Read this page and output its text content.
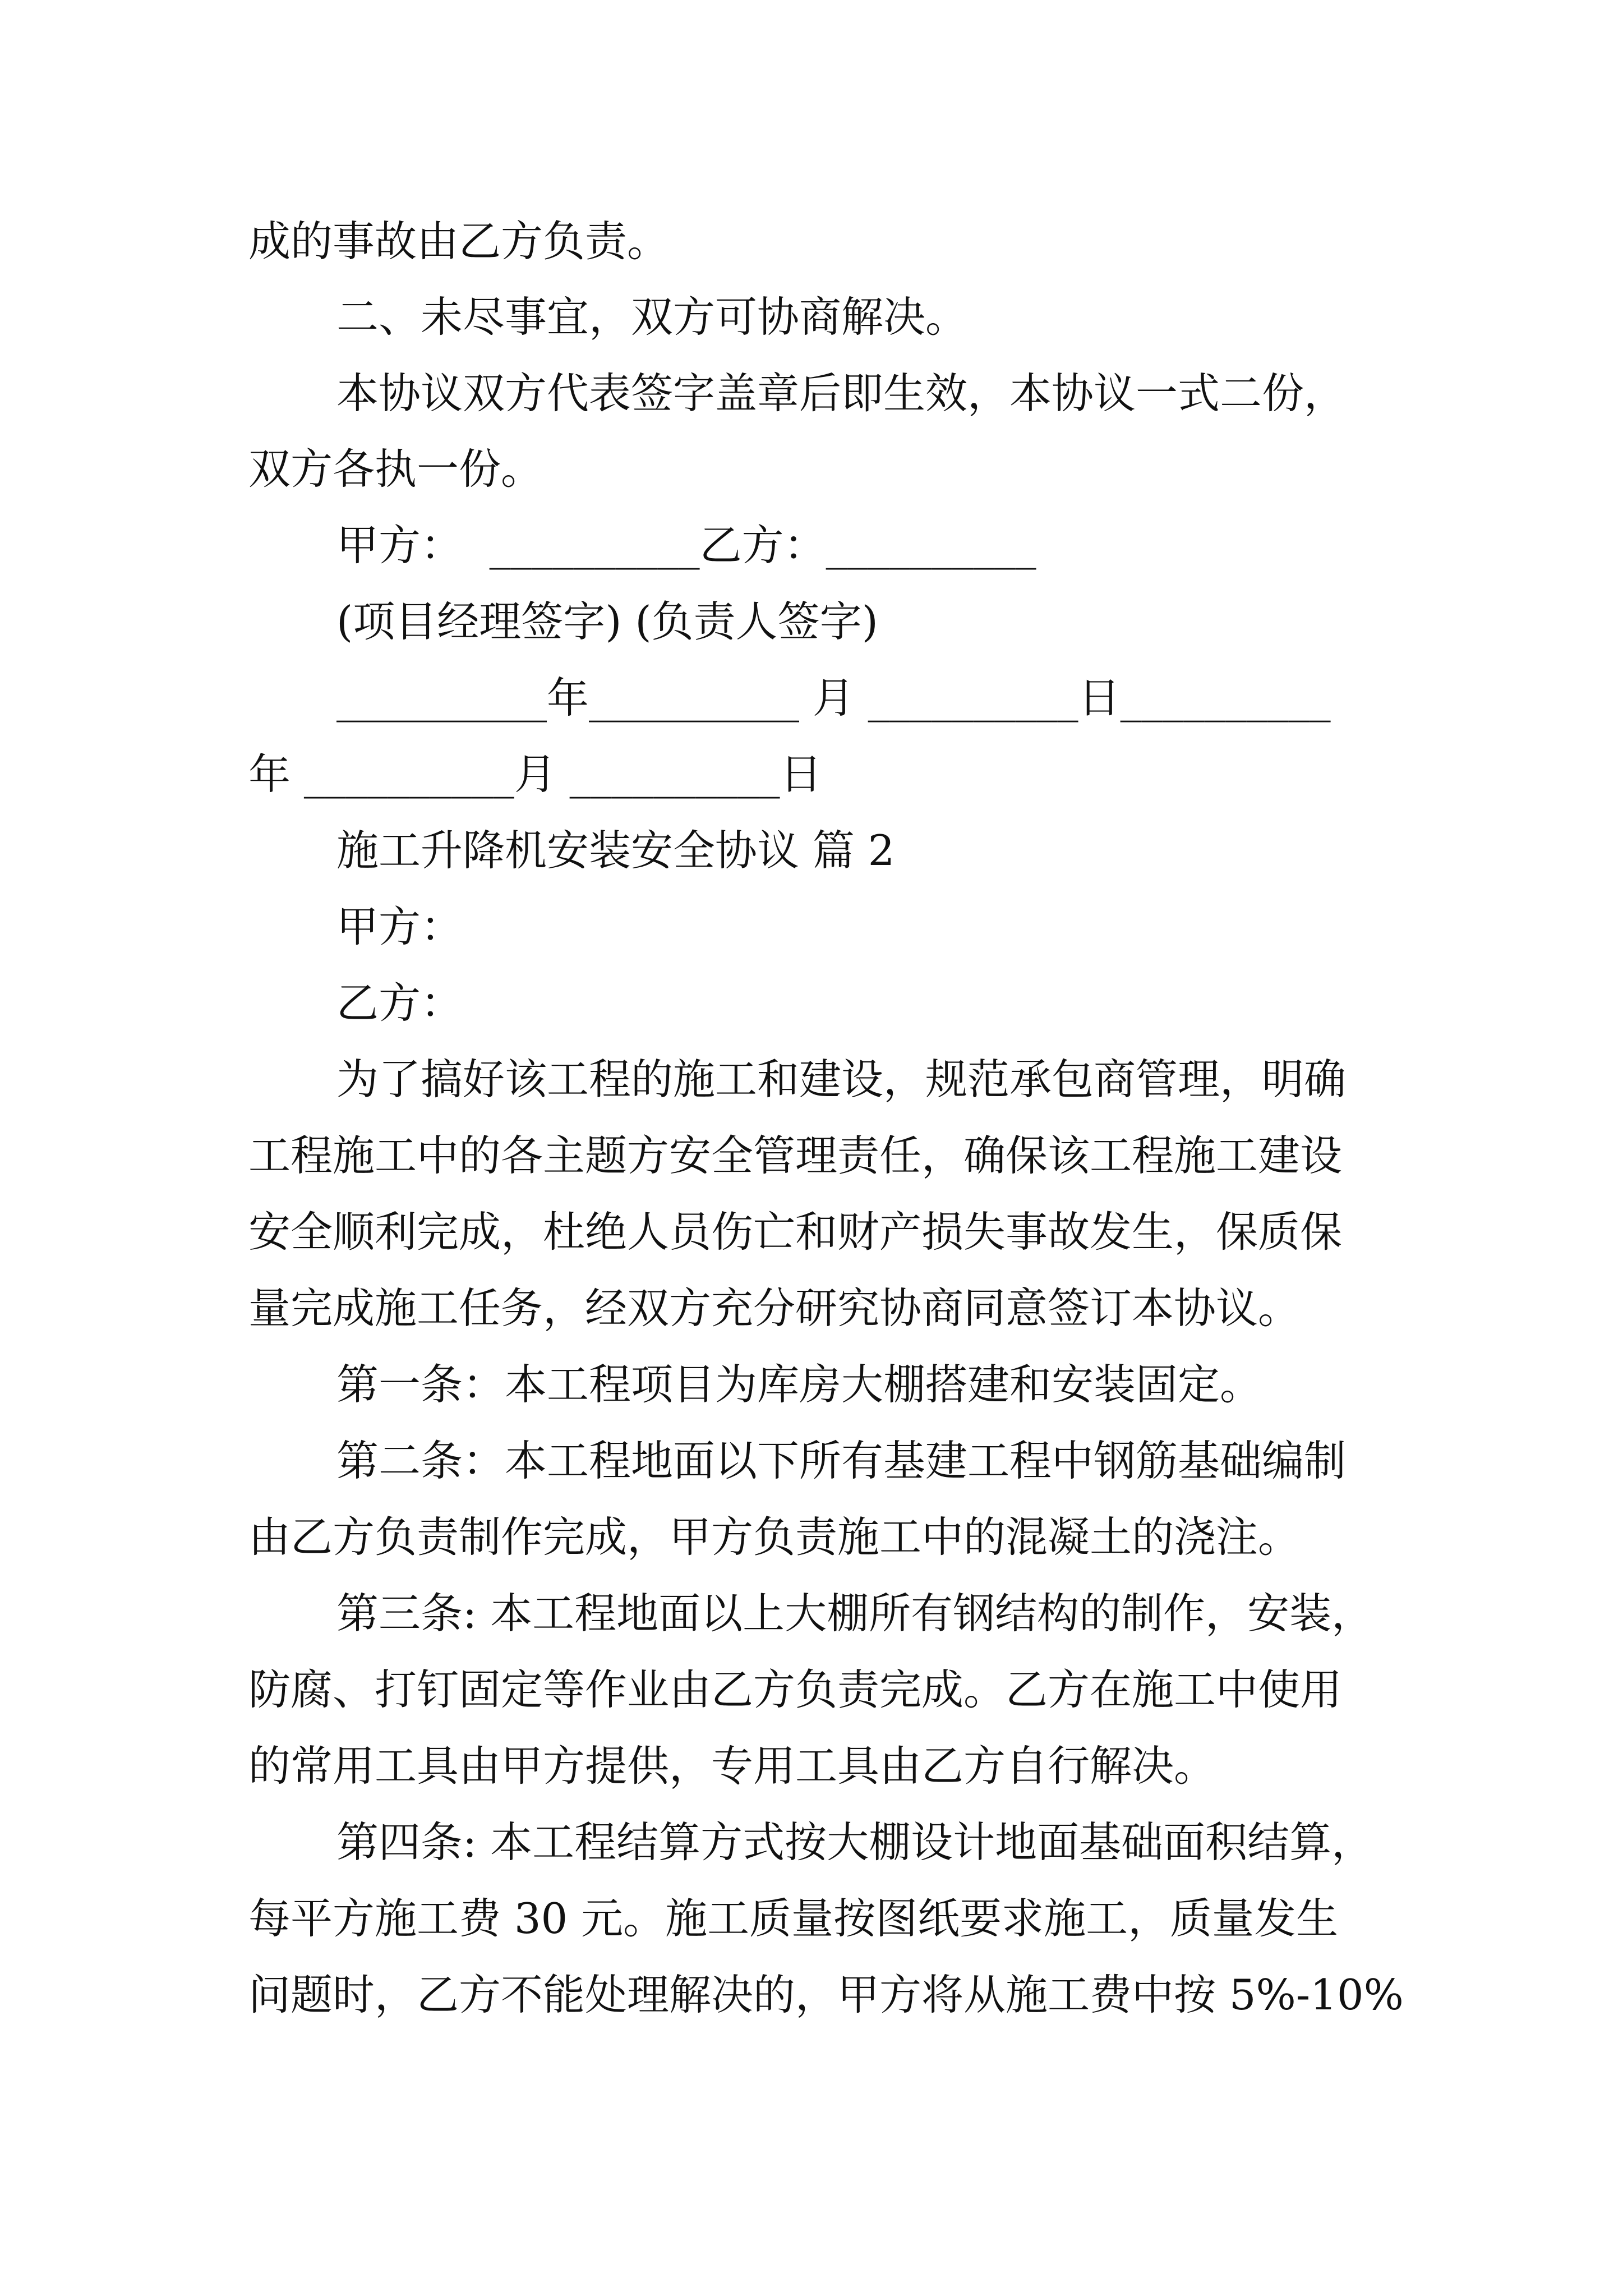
成的事故由乙方负责。

二、未尽事宜，双方可协商解决。

本协议双方代表签字盖章后即生效，本协议一式二份，

双方各执一份。

甲方：  __________乙方：__________

(项目经理签字) (负责人签字)

__________年__________ 月 __________日__________

年 __________月 __________日

施工升降机安装安全协议 篇 2

甲方：

乙方：

为了搞好该工程的施工和建设，规范承包商管理，明确

工程施工中的各主题方安全管理责任，确保该工程施工建设

安全顺利完成，杜绝人员伤亡和财产损失事故发生，保质保

量完成施工任务，经双方充分研究协商同意签订本协议。

第一条：本工程项目为库房大棚搭建和安装固定。

第二条：本工程地面以下所有基建工程中钢筋基础编制

由乙方负责制作完成，甲方负责施工中的混凝土的浇注。

第三条: 本工程地面以上大棚所有钢结构的制作，安装，

防腐、打钉固定等作业由乙方负责完成。乙方在施工中使用

的常用工具由甲方提供，专用工具由乙方自行解决。

第四条: 本工程结算方式按大棚设计地面基础面积结算，

每平方施工费 30 元。施工质量按图纸要求施工，质量发生

问题时，乙方不能处理解决的，甲方将从施工费中按 5%-10%
